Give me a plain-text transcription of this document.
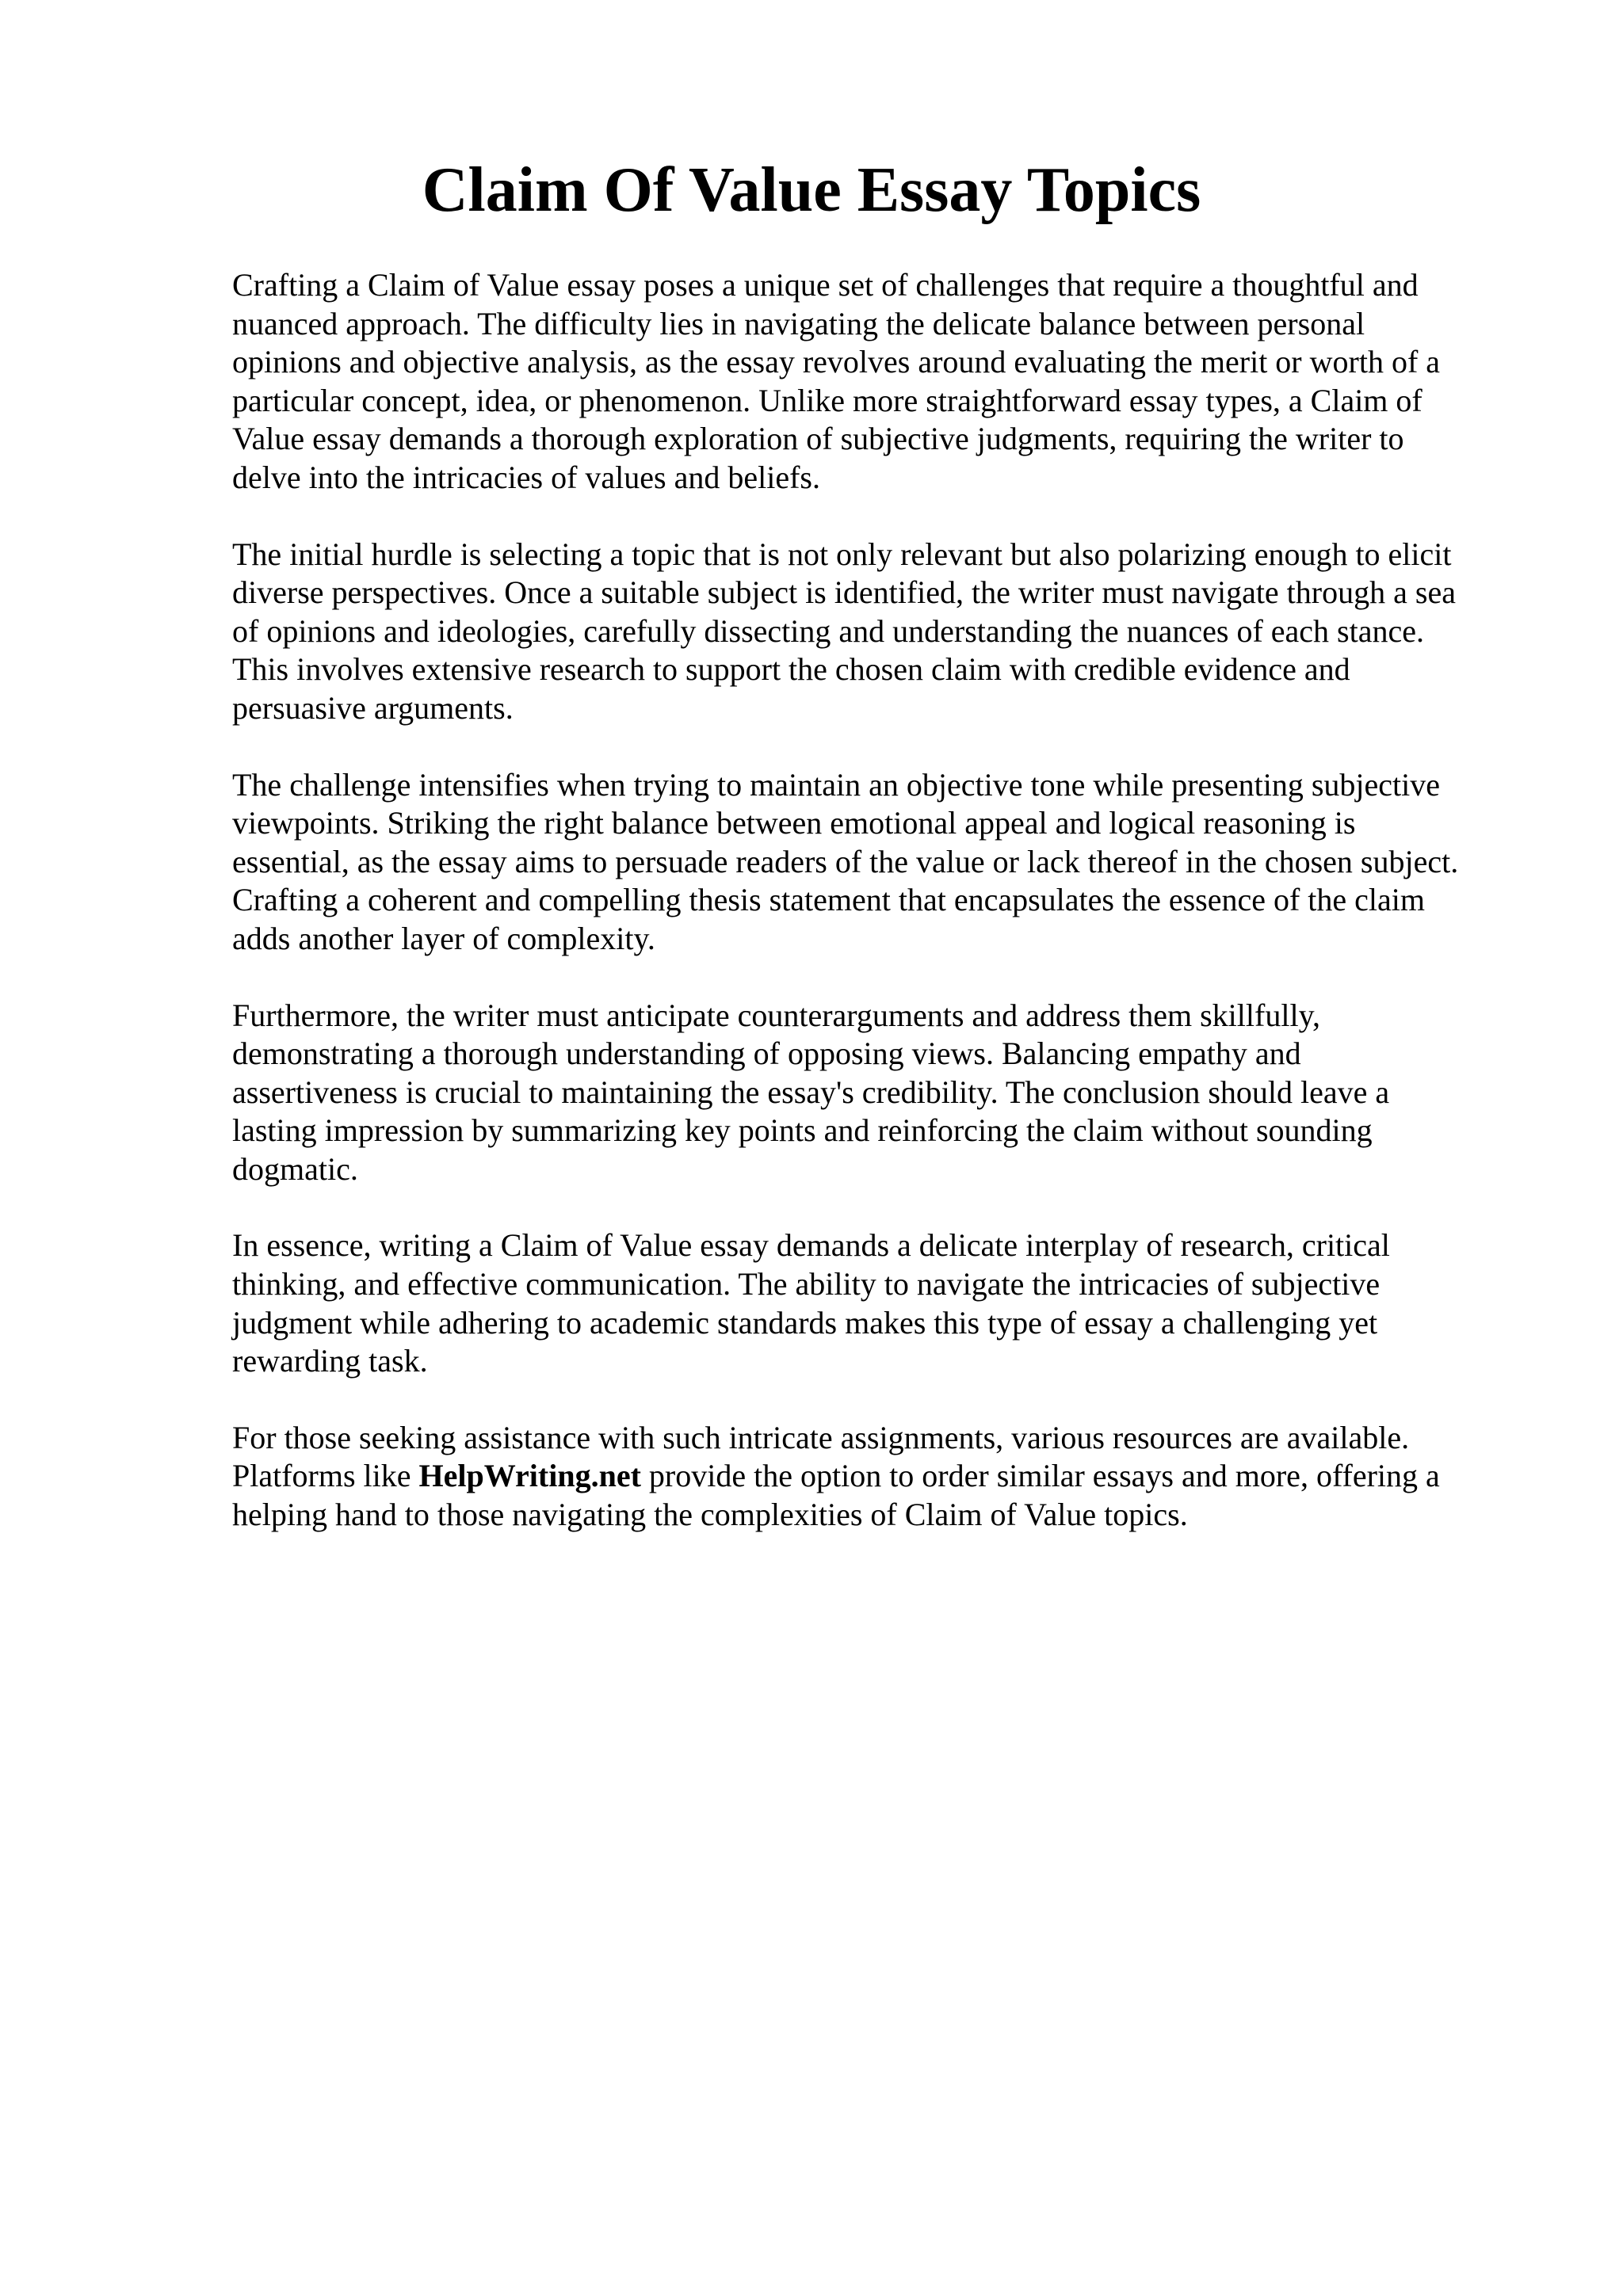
Claim Of Value Essay Topics

Crafting a Claim of Value essay poses a unique set of challenges that require a thoughtful and
nuanced approach. The difficulty lies in navigating the delicate balance between personal
opinions and objective analysis, as the essay revolves around evaluating the merit or worth of a
particular concept, idea, or phenomenon. Unlike more straightforward essay types, a Claim of
Value essay demands a thorough exploration of subjective judgments, requiring the writer to
delve into the intricacies of values and beliefs.

The initial hurdle is selecting a topic that is not only relevant but also polarizing enough to elicit
diverse perspectives. Once a suitable subject is identified, the writer must navigate through a sea
of opinions and ideologies, carefully dissecting and understanding the nuances of each stance.
This involves extensive research to support the chosen claim with credible evidence and
persuasive arguments.

The challenge intensifies when trying to maintain an objective tone while presenting subjective
viewpoints. Striking the right balance between emotional appeal and logical reasoning is
essential, as the essay aims to persuade readers of the value or lack thereof in the chosen subject.
Crafting a coherent and compelling thesis statement that encapsulates the essence of the claim
adds another layer of complexity.

Furthermore, the writer must anticipate counterarguments and address them skillfully,
demonstrating a thorough understanding of opposing views. Balancing empathy and
assertiveness is crucial to maintaining the essay's credibility. The conclusion should leave a
lasting impression by summarizing key points and reinforcing the claim without sounding
dogmatic.

In essence, writing a Claim of Value essay demands a delicate interplay of research, critical
thinking, and effective communication. The ability to navigate the intricacies of subjective
judgment while adhering to academic standards makes this type of essay a challenging yet
rewarding task.

For those seeking assistance with such intricate assignments, various resources are available.
Platforms like HelpWriting.net provide the option to order similar essays and more, offering a
helping hand to those navigating the complexities of Claim of Value topics.
